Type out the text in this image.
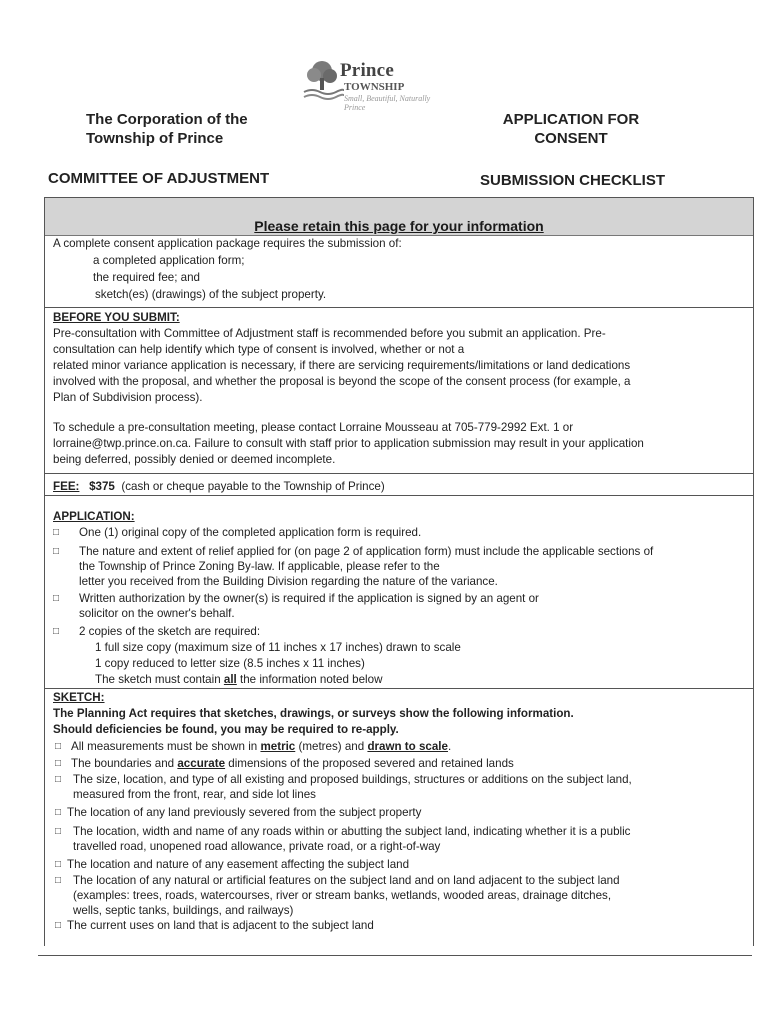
Prince
TOWNSHIP
Small, Beautiful, Naturally Prince
The Corporation of the
Township of Prince
APPLICATION FOR
CONSENT
COMMITTEE OF ADJUSTMENT	SUBMISSION CHECKLIST
Please retain this page for your information
A complete consent application package requires the submission of:
a completed application form;
the required fee; and
sketch(es) (drawings) of the subject property.
BEFORE YOU SUBMIT:
Pre-consultation with Committee of Adjustment staff is recommended before you submit an application. Pre-
consultation can help identify which type of consent is involved, whether or not a
related minor variance application is necessary, if there are servicing requirements/limitations or land dedications
involved with the proposal, and whether the proposal is beyond the scope of the consent process (for example, a
Plan of Subdivision process).
To schedule a pre-consultation meeting, please contact Lorraine Mousseau at 705-779-2992 Ext. 1 or
lorraine@twp.prince.on.ca. Failure to consult with staff prior to application submission may result in your application
being deferred, possibly denied or deemed incomplete.
FEE: $375 (cash or cheque payable to the Township of Prince)
APPLICATION:
□ One (1) original copy of the completed application form is required.
□ The nature and extent of relief applied for (on page 2 of application form) must include the applicable sections of
the Township of Prince Zoning By-law. If applicable, please refer to the
letter you received from the Building Division regarding the nature of the variance.
□ Written authorization by the owner(s) is required if the application is signed by an agent or
solicitor on the owner's behalf.
□ 2 copies of the sketch are required:
1 full size copy (maximum size of 11 inches x 17 inches) drawn to scale
1 copy reduced to letter size (8.5 inches x 11 inches)
The sketch must contain all the information noted below
SKETCH:
The Planning Act requires that sketches, drawings, or surveys show the following information.
Should deficiencies be found, you may be required to re-apply.
□ All measurements must be shown in metric (metres) and drawn to scale.
□ The boundaries and accurate dimensions of the proposed severed and retained lands
□ The size, location, and type of all existing and proposed buildings, structures or additions on the subject land,
measured from the front, rear, and side lot lines
□ The location of any land previously severed from the subject property
□ The location, width and name of any roads within or abutting the subject land, indicating whether it is a public
travelled road, unopened road allowance, private road, or a right-of-way
□ The location and nature of any easement affecting the subject land
□ The location of any natural or artificial features on the subject land and on land adjacent to the subject land
(examples: trees, roads, watercourses, river or stream banks, wetlands, wooded areas, drainage ditches,
wells, septic tanks, buildings, and railways)
□ The current uses on land that is adjacent to the subject land
